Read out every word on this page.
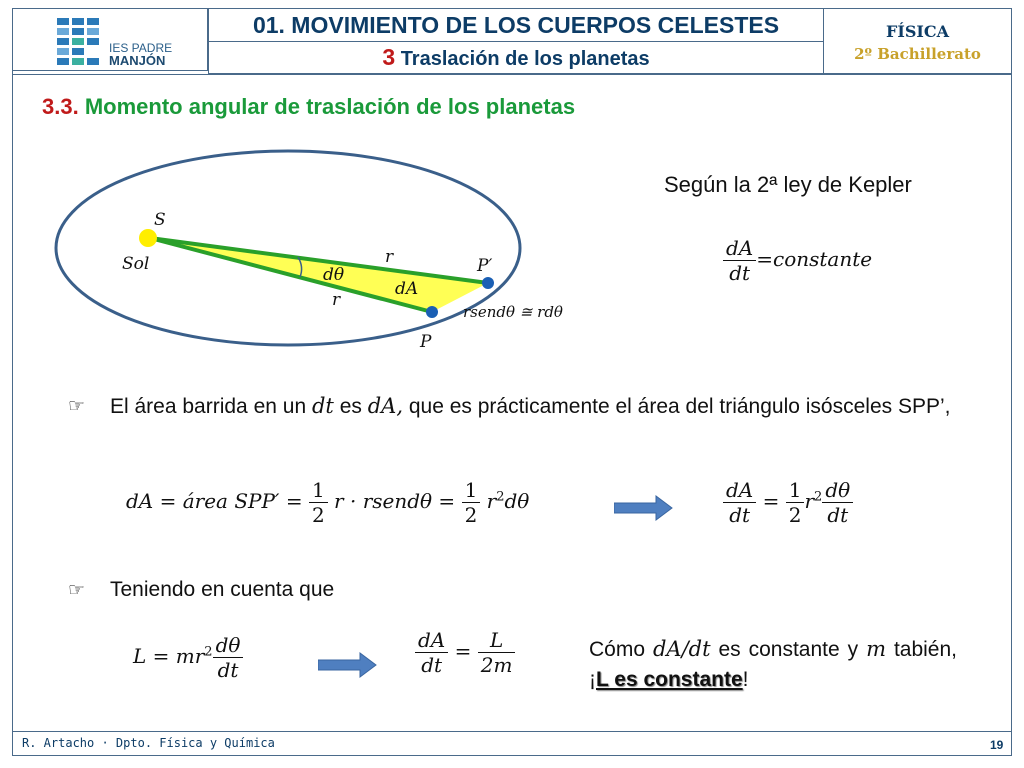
IES PADRE
MANJÓN
01. MOVIMIENTO DE LOS CUERPOS CELESTES
3 Traslación de los planetas
FÍSICA
2º Bachillerato
3.3. Momento angular de traslación de los planetas
S
Sol	r
r
dθ
dA
P′
P
rsendθ ≅ rdθ
Según la 2ª ley de Kepler
$\frac{dA}{dt}$ =constante
☞ El área barrida en un dt es dA, que es prácticamente el área del triángulo isósceles SPP’,
dA = área $SPP' = \frac{1}{2}$ r · rsendθ = $\frac{1}{2} r^2d\theta$	$\frac{dA}{dt} = \frac{1}{2} r^2 \frac{d\theta}{dt}$
☞ Teniendo en cuenta que
$L = mr^2 \frac{d\theta}{dt}$	$\frac{dA}{dt} = \frac{L}{2m}$	Cómo dA/dt es constante y m tabién, ¡L es constante!
R. Artacho · Dpto. Física y Química	19
